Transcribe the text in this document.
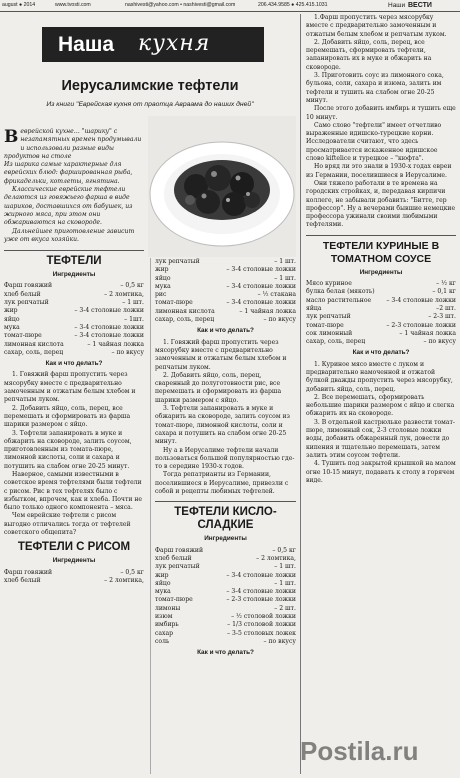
august ● 2014	www.tvosti.com	nashivesti@yahoo.com • nashivesti@gmail.com	206.434.9585 ● 425.415.1031	Наши ВЕСТИ
Наша кухня
Иерусалимские тефтели
Из книги "Еврейская кухня от праотца Авраама до наших дней"

Веврейской кухне… "шарику" с незапамятных времен продумывали и использовали разные виды продуктов на столе

Из шарика самые характерные для еврейских блюд: фаршированная рыба, фрикадельки, котлеты, ягнятина.

Классические еврейские тефтели делаются из говяжьего фарша в виде шариков, доставшихся от бабушек, из жирного мяса, при этом они обжариваются на сковороде.

Дальнейшее приготовление зависит уже от вкуса хозяйки.

ТЕФТЕЛИ
Ингредиенты
Фарш говяжий	– 0,5 кг
хлеб белый	– 2 ломтика,
лук репчатый	– 1 шт.
жир	– 3-4 столовые ложки
яйцо	– 1шт.
мука	– 3-4 столовые ложки
томат-пюре	– 3-4 столовые ложки
лимонная кислота	– 1 чайная ложка
сахар, соль, перец	– по вкусу
Как и что делать?

1. Говяжий фарш пропустить через мясорубку вместе с предварительно замоченным и отжатым белым хлебом и репчатым луком.

2. Добавить яйцо, соль, перец, все перемешать и сформировать из фарша шарики размером с яйцо.

3. Тефтели запанировать в муке и обжарить на сковороде, залить соусом, приготовленным из томата-пюре, лимонной кислоты, соли и сахара и потушить на слабом огне 20-25 минут.

Наверное, самыми известными в советское время тефтелями были тефтели с рисом. Рис в тех тефтелях было с избытком, впрочем, как и хлеба. Почти не было только одного компонента – мяса.

Чем еврейские тефтели с рисом выгодно отличались тогда от тефтелей советского общепита?

ТЕФТЕЛИ С РИСОМ
Ингредиенты
Фарш говяжий	– 0,5 кг
хлеб белый	– 2 ломтика,
лук репчатый	– 1 шт.
жир	– 3-4 столовые ложки
яйцо	– 1 шт.
мука	– 3-4 столовые ложки
рис	– ½ стакана
томат-пюре	– 3-4 столовые ложки
лимонная кислота	– 1 чайная ложка
сахар, соль, перец	– по вкусу
Как и что делать?

1. Говяжий фарш пропустить через мясорубку вместе с предварительно замоченным и отжатым белым хлебом и репчатым луком.

2. Добавить яйцо, соль, перец, сваренный до полуготовности рис, все перемешать и сформировать из фарша шарики размером с яйцо.

3. Тефтели запанировать в муке и обжарить на сковороде, залить соусом из томат-пюре, лимонной кислоты, соли и сахара и потушить на слабом огне 20-25 минут.

Ну а в Иерусалиме тефтели начали пользоваться большой популярностью где-то в середине 1930-х годов.

Тогда репатрианты из Германии, поселившиеся в Иерусалиме, привезли с собой и рецепты любимых тефтелей.

ТЕФТЕЛИ КИСЛО-СЛАДКИЕ
Ингредиенты
Фарш говяжий	– 0,5 кг
хлеб белый	– 2 ломтика,
лук репчатый	– 1 шт.
жир	– 3-4 столовые ложки
яйцо	– 1 шт.
мука	– 3-4 столовые ложки
томат-пюре	– 2-3 столовые ложки
лимоны	– 2 шт.
изюм	– ½ столовой ложки
имбирь	– 1/3 столовой ложки
сахар	– 3-5 столовых ложек
соль	– по вкусу
Как и что делать?

1.Фарш пропустить через мясорубку вместе с предварительно замоченным и отжатым белым хлебом и репчатым луком.

2. Добавить яйцо, соль, перец, все перемешать, сформировать тефтели, запанировать их в муке и обжарить на сковороде.

3. Приготовить соус из лимонного сока, бульона, соли, сахара и изюма, залить им тефтели и тушить на слабом огне 20-25 минут.

После этого добавить имбирь и тушить еще 10 минут.

Само слово "тефтели" имеет отчетливо выраженные идишско-турецкие корни. Исследователи считают, что здесь просматривается искаженное идишское слово kiftelice и турецкое – "кюфта".

Но вряд ли это знали в 1930-х годах евреи из Германии, поселившиеся в Иерусалиме.

Они тяжело работали в те времена на городских стройках, и, передавая кирпичи коллеге, не забывали добавить: "Битте, гер профессор". Ну а вечерами бывшие немецкие профессора ужинали своими любимыми тефтелями.

ТЕФТЕЛИ КУРИНЫЕ В ТОМАТНОМ СОУСЕ
Ингредиенты
Мясо куриное	– ½ кг
булка белая (мякоть)	– 0,1 кг
масло растительное	– 3-4 столовые ложки
яйца	–2 шт.
лук репчатый	– 2-3 шт.
томат-пюре	– 2-3 столовые ложки
сок лимонный	– 1 чайная ложка
сахар, соль, перец	– по вкусу
Как и что делать?

1. Куриное мясо вместе с луком и предварительно намоченной и отжатой булкой дважды пропустить через мясорубку, добавить яйца, соль, перец.

2. Все перемешать, сформировать небольшие шарики размером с яйцо и слегка обжарить их на сковороде.

3. В отдельной кастрюльке развести томат-пюре, лимонный сок, 2-3 столовые ложки воды, добавить обжаренный лук, довести до кипения и тщательно перемешать, затем залить этим соусом тефтели.

4. Тушить под закрытой крышкой на малом огне 10-15 минут, подавать к столу в горячем виде.

Postila.ru
